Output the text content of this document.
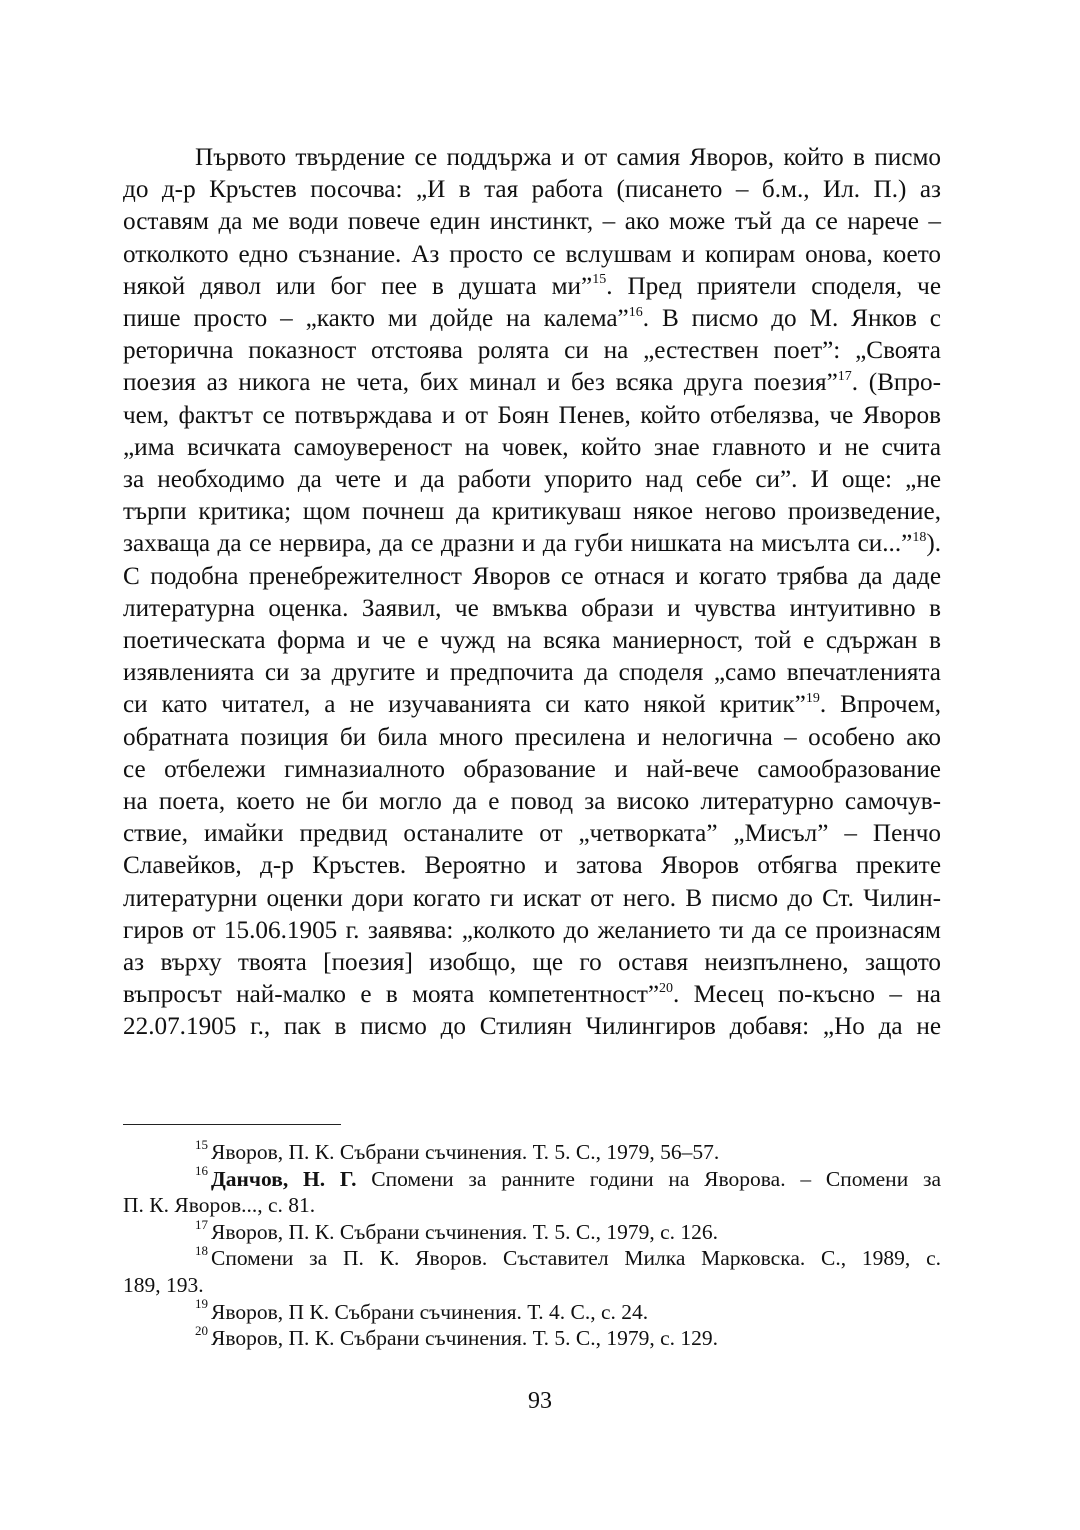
Първото твърдение се поддържа и от самия Яворов, който в писмо
до д-р Кръстев посочва: „И в тая работа (писането – б.м., Ил. П.) аз
оставям да ме води повече един инстинкт, – ако може тъй да се нарече –
отколкото едно съзнание. Аз просто се вслушвам и копирам онова, което
някой дявол или бог пее в душата ми”$^{15}$. Пред приятели споделя, че
пише просто – „както ми дойде на калема”$^{16}$. В писмо до М. Янков с
реторична показност отстоява ролята си на „естествен поет”: „Своята
поезия аз никога не чета, бих минал и без всяка друга поезия”$^{17}$. (Впро-
чем, фактът се потвърждава и от Боян Пенев, който отбелязва, че Яворов
„има всичката самоувереност на човек, който знае главното и не счита
за необходимо да чете и да работи упорито над себе си”. И още: „не
търпи критика; щом почнеш да критикуваш някое негово произведение,
захваща да се нервира, да се дразни и да губи нишката на мисълта си...”$^{18}$).
С подобна пренебрежителност Яворов се отнася и когато трябва да даде
литературна оценка. Заявил, че вмъква образи и чувства интуитивно в
поетическата форма и че е чужд на всяка маниерност, той е сдържан в
изявленията си за другите и предпочита да споделя „само впечатленията
си като читател, а не изучаванията си като някой критик”$^{19}$. Впрочем,
обратната позиция би била много пресилена и нелогична – особено ако
се отбележи гимназиалното образование и най-вече самообразование
на поета, което не би могло да е повод за високо литературно самочув-
ствие, имайки предвид останалите от „четворката” „Мисъл” – Пенчо
Славейков, д-р Кръстев. Вероятно и затова Яворов отбягва преките
литературни оценки дори когато ги искат от него. В писмо до Ст. Чилин-
гиров от 15.06.1905 г. заявява: „колкото до желанието ти да се произнасям
аз върху твоята [поезия] изобщо, ще го оставя неизпълнено, защото
въпросът най-малко е в моята компетентност”$^{20}$. Месец по-късно – на
22.07.1905 г., пак в писмо до Стилиян Чилингиров добавя: „Но да не
$^{15}$ Яворов, П. К. Събрани съчинения. Т. 5. С., 1979, 56–57.
$^{16}$ Данчов, Н. Г. Спомени за ранните години на Яворова. – Спомени за
П. К. Яворов..., с. 81.
$^{17}$ Яворов, П. К. Събрани съчинения. Т. 5. С., 1979, с. 126.
$^{18}$ Спомени за П. К. Яворов. Съставител Милка Марковска. С., 1989, с.
189, 193.
$^{19}$ Яворов, П К. Събрани съчинения. Т. 4. С., с. 24.
$^{20}$ Яворов, П. К. Събрани съчинения. Т. 5. С., 1979, с. 129.
93
